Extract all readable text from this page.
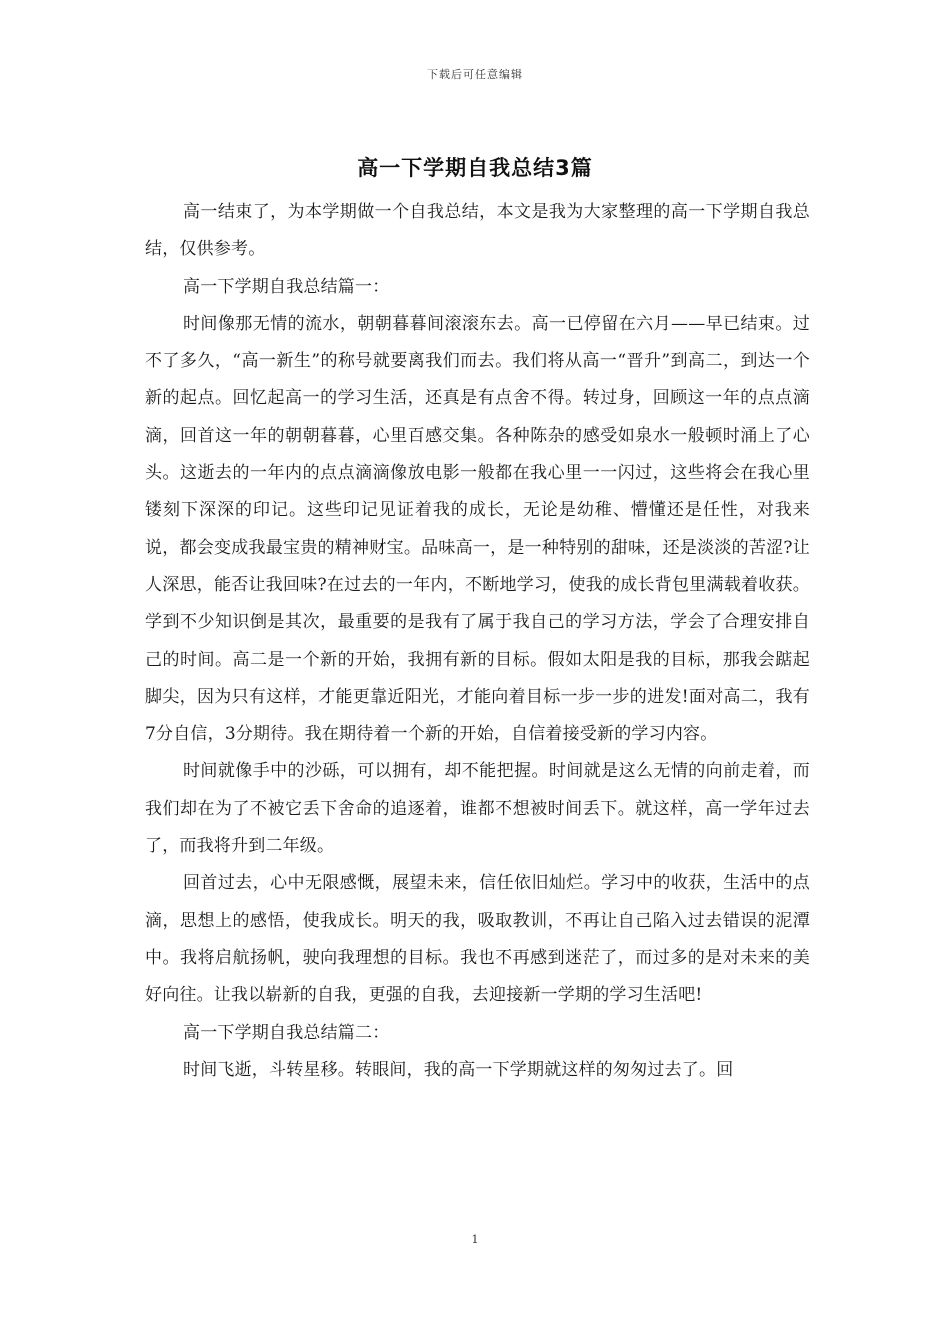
下载后可任意编辑
高一下学期自我总结3篇

高一结束了，为本学期做一个自我总结，本文是我为大家整理的高一下学期自我总结，仅供参考。

高一下学期自我总结篇一：

时间像那无情的流水，朝朝暮暮间滚滚东去。高一已停留在六月——早已结束。过不了多久，“高一新生”的称号就要离我们而去。我们将从高一“晋升”到高二，到达一个新的起点。回忆起高一的学习生活，还真是有点舍不得。转过身，回顾这一年的点点滴滴，回首这一年的朝朝暮暮，心里百感交集。各种陈杂的感受如泉水一般顿时涌上了心头。这逝去的一年内的点点滴滴像放电影一般都在我心里一一闪过，这些将会在我心里镂刻下深深的印记。这些印记见证着我的成长，无论是幼稚、懵懂还是任性，对我来说，都会变成我最宝贵的精神财宝。品味高一，是一种特别的甜味，还是淡淡的苦涩?让人深思，能否让我回味?在过去的一年内，不断地学习，使我的成长背包里满载着收获。学到不少知识倒是其次，最重要的是我有了属于我自己的学习方法，学会了合理安排自己的时间。高二是一个新的开始，我拥有新的目标。假如太阳是我的目标，那我会踮起脚尖，因为只有这样，才能更靠近阳光，才能向着目标一步一步的进发!面对高二，我有7分自信，3分期待。我在期待着一个新的开始，自信着接受新的学习内容。

时间就像手中的沙砾，可以拥有，却不能把握。时间就是这么无情的向前走着，而我们却在为了不被它丢下舍命的追逐着，谁都不想被时间丢下。就这样，高一学年过去了，而我将升到二年级。

回首过去，心中无限感慨，展望未来，信任依旧灿烂。学习中的收获，生活中的点滴，思想上的感悟，使我成长。明天的我，吸取教训，不再让自己陷入过去错误的泥潭中。我将启航扬帆，驶向我理想的目标。我也不再感到迷茫了，而过多的是对未来的美好向往。让我以崭新的自我，更强的自我，去迎接新一学期的学习生活吧!

高一下学期自我总结篇二：

时间飞逝，斗转星移。转眼间，我的高一下学期就这样的匆匆过去了。回

1
